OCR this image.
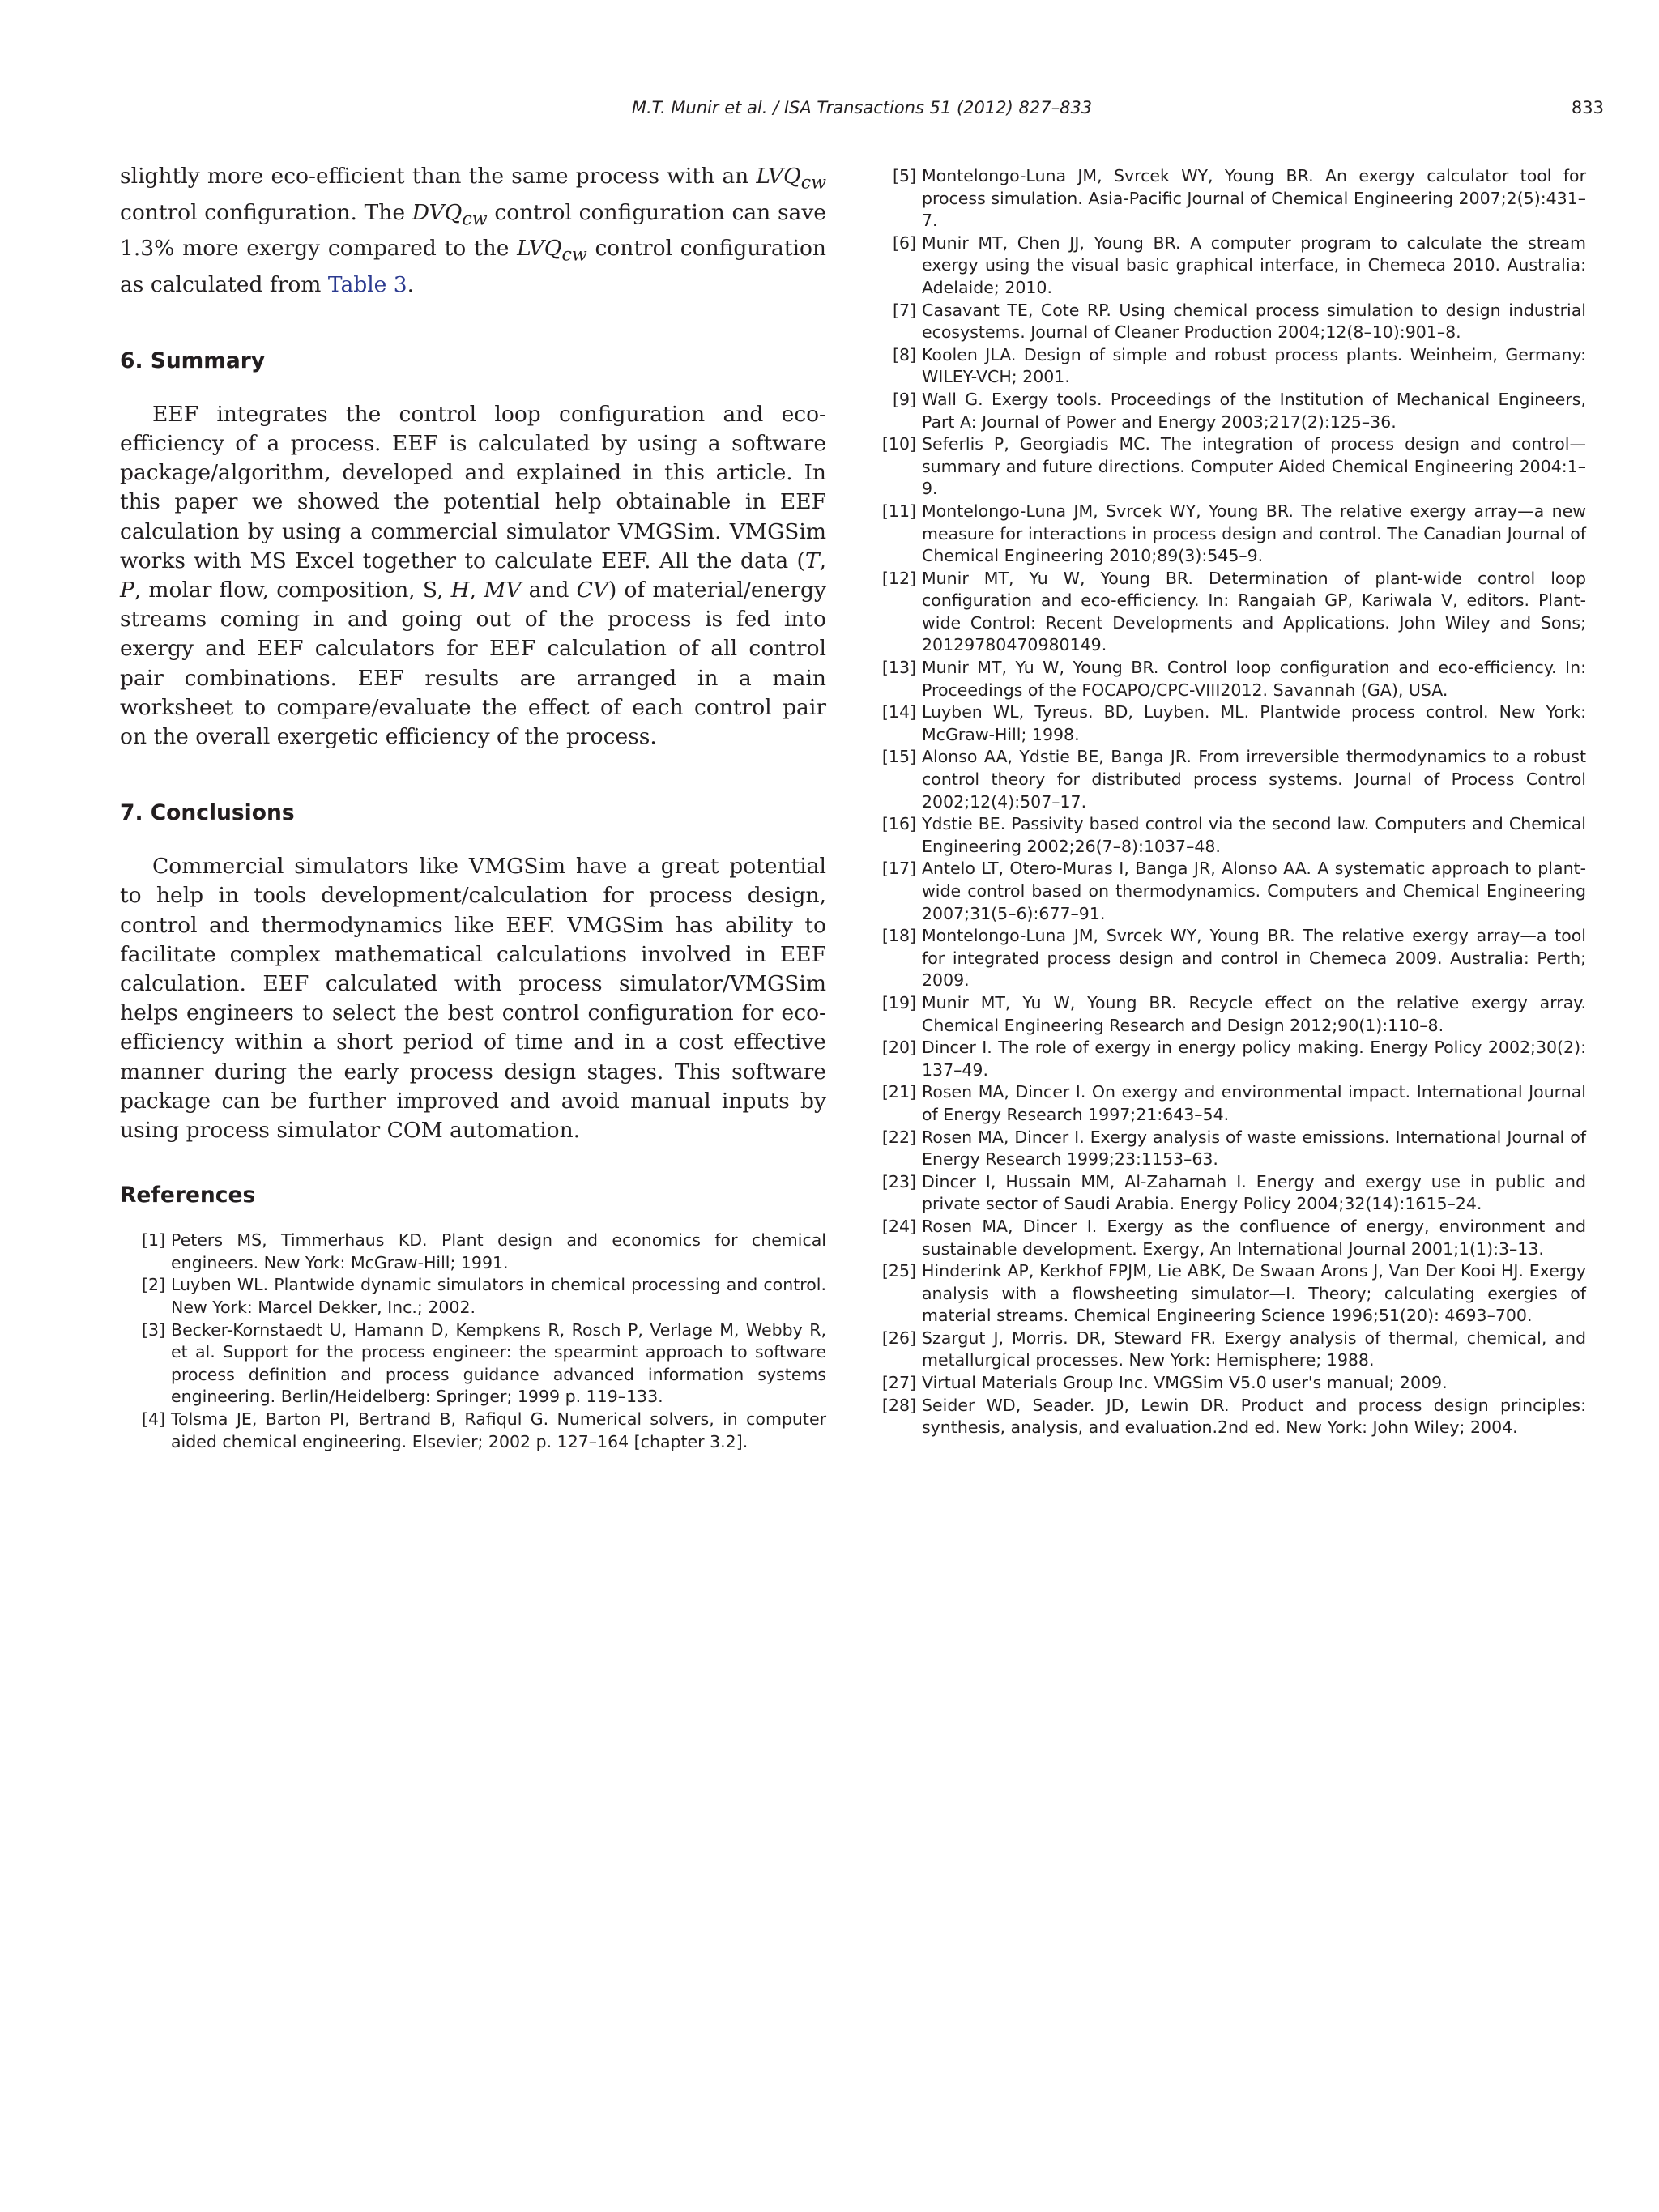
M.T. Munir et al. / ISA Transactions 51 (2012) 827–833	833

slightly more eco-efficient than the same process with an $LVQ_{cw}$ control configuration. The $DVQ_{cw}$ control configuration can save 1.3% more exergy compared to the $LVQ_{cw}$ control configuration as calculated from Table 3.

6. Summary

EEF integrates the control loop configuration and eco-efficiency of a process. EEF is calculated by using a software package/algorithm, developed and explained in this article. In this paper we showed the potential help obtainable in EEF calculation by using a commercial simulator VMGSim. VMGSim works with MS Excel together to calculate EEF. All the data (T, P, molar flow, composition, S, H, MV and CV) of material/energy streams coming in and going out of the process is fed into exergy and EEF calculators for EEF calculation of all control pair combinations. EEF results are arranged in a main worksheet to compare/evaluate the effect of each control pair on the overall exergetic efficiency of the process.

7. Conclusions

Commercial simulators like VMGSim have a great potential to help in tools development/calculation for process design, control and thermodynamics like EEF. VMGSim has ability to facilitate complex mathematical calculations involved in EEF calculation. EEF calculated with process simulator/VMGSim helps engineers to select the best control configuration for eco-efficiency within a short period of time and in a cost effective manner during the early process design stages. This software package can be further improved and avoid manual inputs by using process simulator COM automation.

References
[1] Peters MS, Timmerhaus KD. Plant design and economics for chemical engineers. New York: McGraw-Hill; 1991.
[2] Luyben WL. Plantwide dynamic simulators in chemical processing and control. New York: Marcel Dekker, Inc.; 2002.
[3] Becker-Kornstaedt U, Hamann D, Kempkens R, Rosch P, Verlage M, Webby R, et al. Support for the process engineer: the spearmint approach to software process definition and process guidance advanced information systems engineering. Berlin/Heidelberg: Springer; 1999 p. 119–133.
[4] Tolsma JE, Barton PI, Bertrand B, Rafiqul G. Numerical solvers, in computer aided chemical engineering. Elsevier; 2002 p. 127–164 [chapter 3.2].
[5] Montelongo-Luna JM, Svrcek WY, Young BR. An exergy calculator tool for process simulation. Asia-Pacific Journal of Chemical Engineering 2007;2(5):431–7.
[6] Munir MT, Chen JJ, Young BR. A computer program to calculate the stream exergy using the visual basic graphical interface, in Chemeca 2010. Australia: Adelaide; 2010.
[7] Casavant TE, Cote RP. Using chemical process simulation to design industrial ecosystems. Journal of Cleaner Production 2004;12(8–10):901–8.
[8] Koolen JLA. Design of simple and robust process plants. Weinheim, Germany: WILEY-VCH; 2001.
[9] Wall G. Exergy tools. Proceedings of the Institution of Mechanical Engineers, Part A: Journal of Power and Energy 2003;217(2):125–36.
[10] Seferlis P, Georgiadis MC. The integration of process design and control—summary and future directions. Computer Aided Chemical Engineering 2004:1–9.
[11] Montelongo-Luna JM, Svrcek WY, Young BR. The relative exergy array—a new measure for interactions in process design and control. The Canadian Journal of Chemical Engineering 2010;89(3):545–9.
[12] Munir MT, Yu W, Young BR. Determination of plant-wide control loop configuration and eco-efficiency. In: Rangaiah GP, Kariwala V, editors. Plant-wide Control: Recent Developments and Applications. John Wiley and Sons; 20129780470980149.
[13] Munir MT, Yu W, Young BR. Control loop configuration and eco-efficiency. In: Proceedings of the FOCAPO/CPC-VIII2012. Savannah (GA), USA.
[14] Luyben WL, Tyreus. BD, Luyben. ML. Plantwide process control. New York: McGraw-Hill; 1998.
[15] Alonso AA, Ydstie BE, Banga JR. From irreversible thermodynamics to a robust control theory for distributed process systems. Journal of Process Control 2002;12(4):507–17.
[16] Ydstie BE. Passivity based control via the second law. Computers and Chemical Engineering 2002;26(7–8):1037–48.
[17] Antelo LT, Otero-Muras I, Banga JR, Alonso AA. A systematic approach to plant-wide control based on thermodynamics. Computers and Chemical Engineering 2007;31(5–6):677–91.
[18] Montelongo-Luna JM, Svrcek WY, Young BR. The relative exergy array—a tool for integrated process design and control in Chemeca 2009. Australia: Perth; 2009.
[19] Munir MT, Yu W, Young BR. Recycle effect on the relative exergy array. Chemical Engineering Research and Design 2012;90(1):110–8.
[20] Dincer I. The role of exergy in energy policy making. Energy Policy 2002;30(2): 137–49.
[21] Rosen MA, Dincer I. On exergy and environmental impact. International Journal of Energy Research 1997;21:643–54.
[22] Rosen MA, Dincer I. Exergy analysis of waste emissions. International Journal of Energy Research 1999;23:1153–63.
[23] Dincer I, Hussain MM, Al-Zaharnah I. Energy and exergy use in public and private sector of Saudi Arabia. Energy Policy 2004;32(14):1615–24.
[24] Rosen MA, Dincer I. Exergy as the confluence of energy, environment and sustainable development. Exergy, An International Journal 2001;1(1):3–13.
[25] Hinderink AP, Kerkhof FPJM, Lie ABK, De Swaan Arons J, Van Der Kooi HJ. Exergy analysis with a flowsheeting simulator—I. Theory; calculating exergies of material streams. Chemical Engineering Science 1996;51(20): 4693–700.
[26] Szargut J, Morris. DR, Steward FR. Exergy analysis of thermal, chemical, and metallurgical processes. New York: Hemisphere; 1988.
[27] Virtual Materials Group Inc. VMGSim V5.0 user's manual; 2009.
[28] Seider WD, Seader. JD, Lewin DR. Product and process design principles: synthesis, analysis, and evaluation.2nd ed. New York: John Wiley; 2004.
